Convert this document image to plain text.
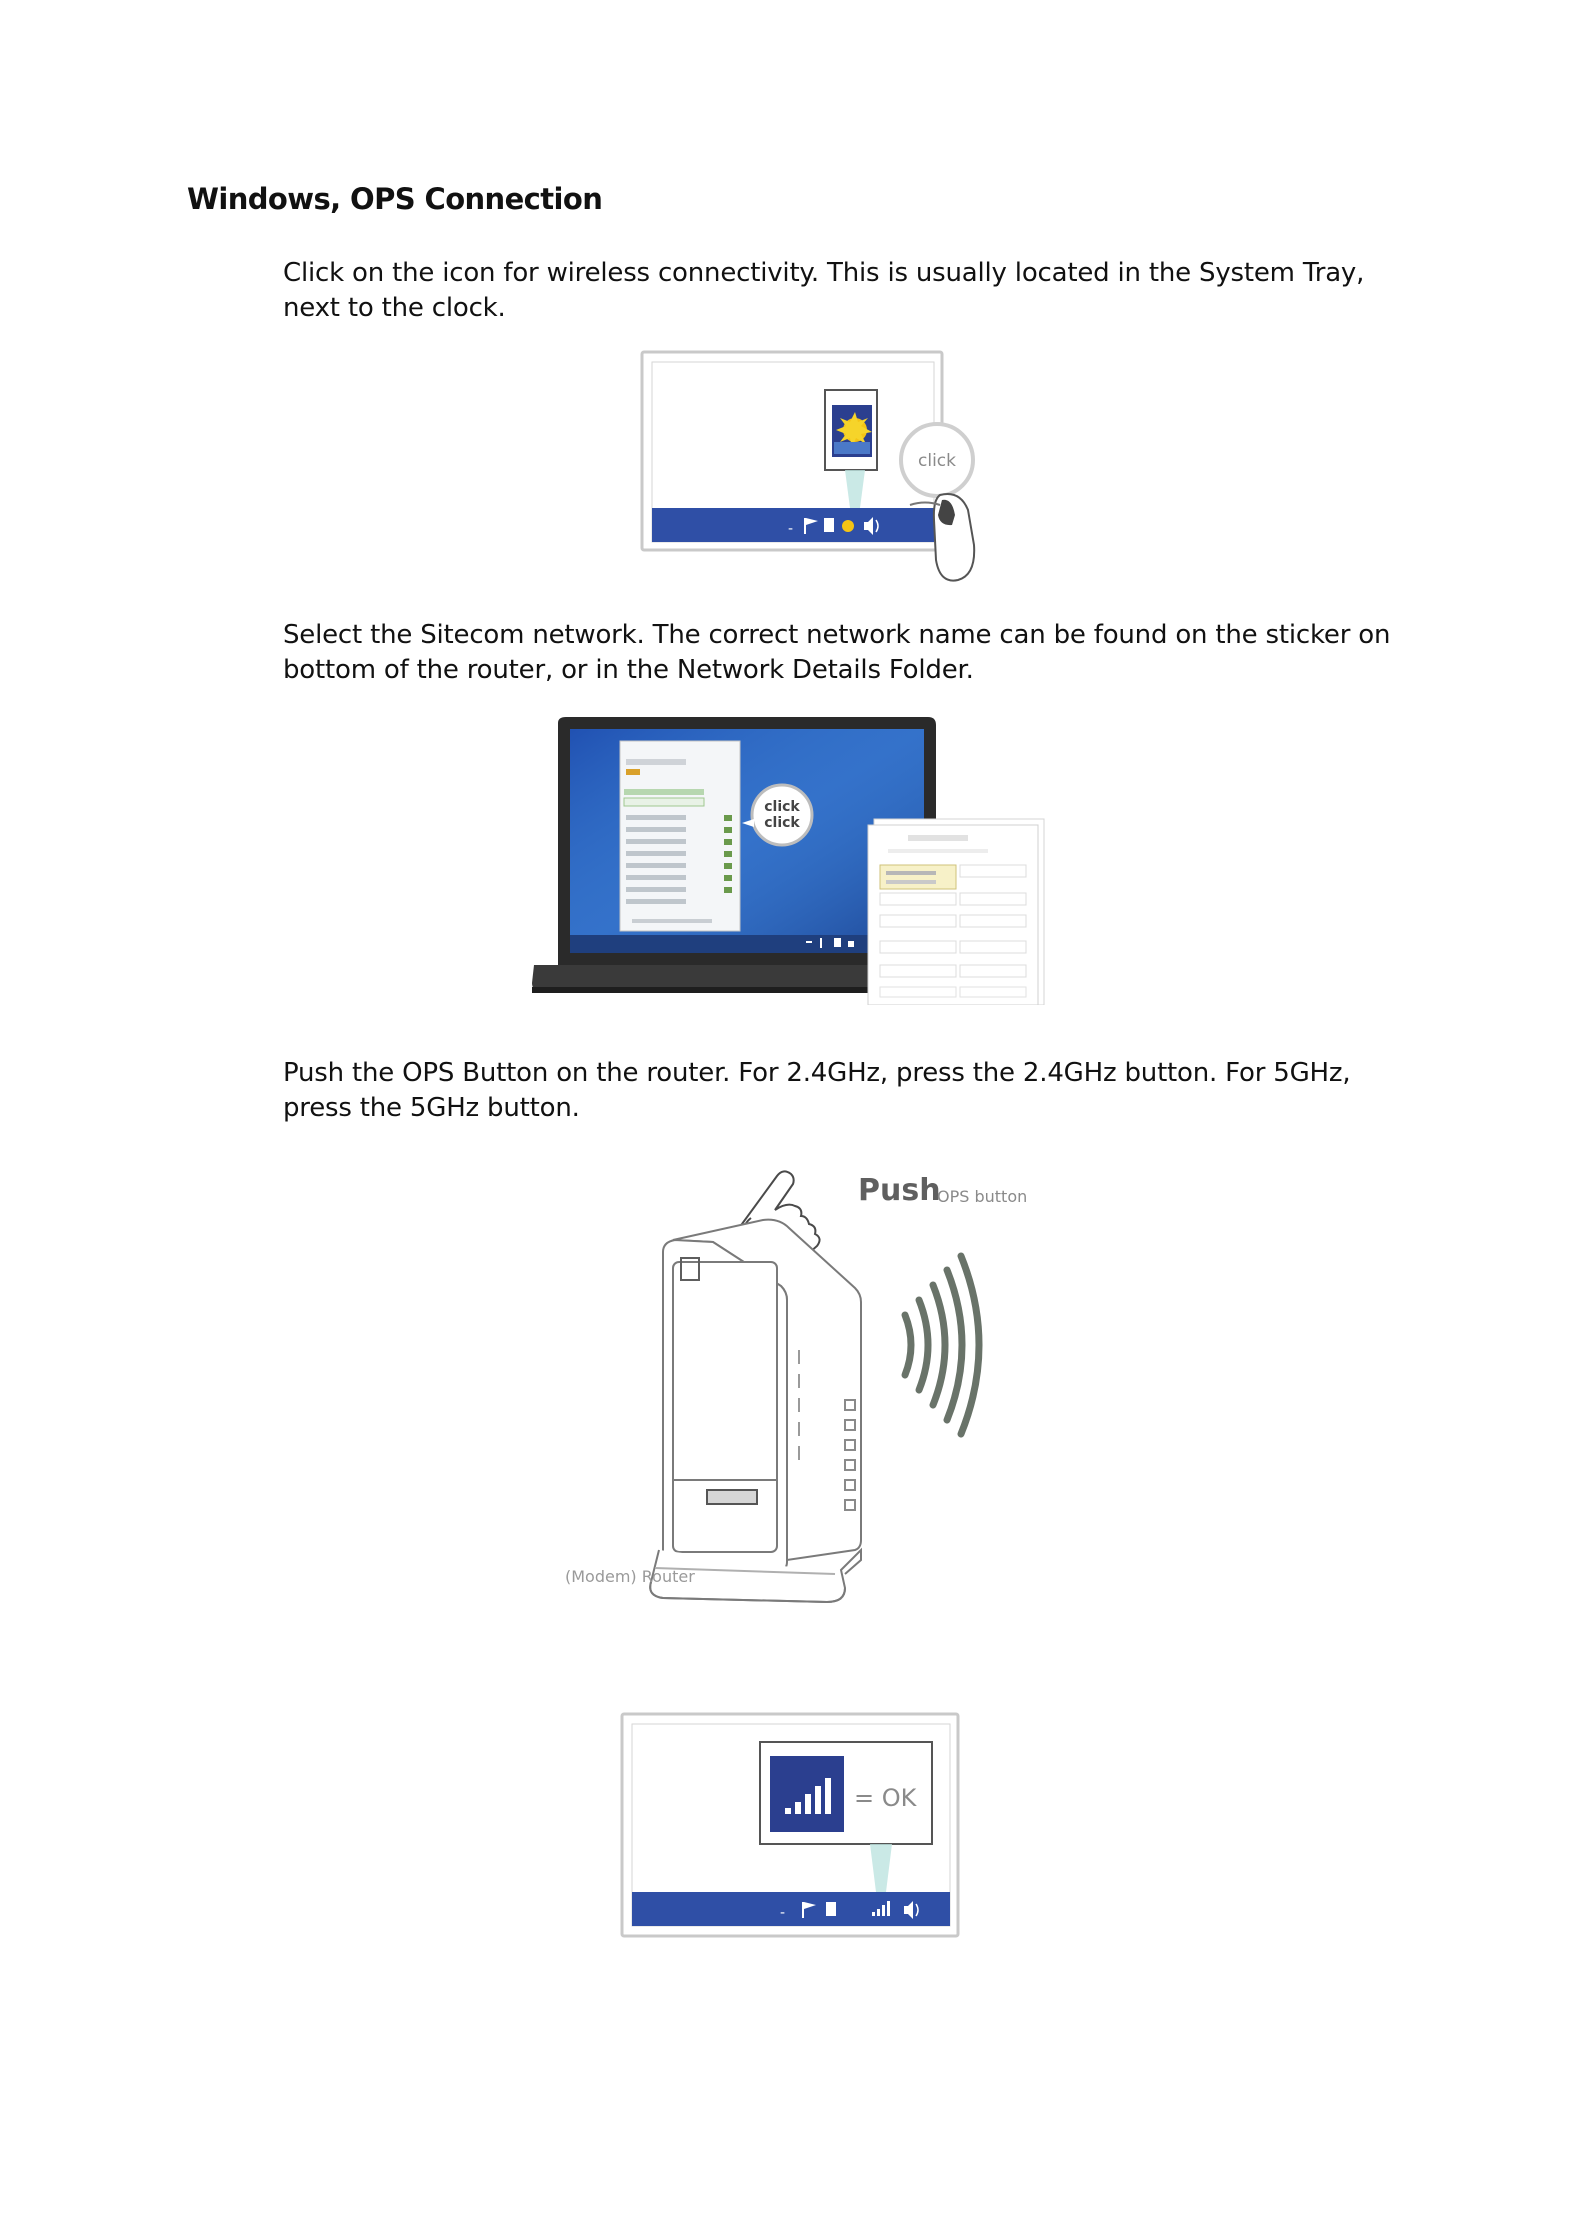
Windows, OPS Connection

Click on the icon for wireless connectivity. This is usually located in the System Tray, next to the clock.

‑
click

Select the Sitecom network. The correct network name can be found on the sticker on bottom of the router, or in the Network Details Folder.

click
click

Push the OPS Button on the router. For 2.4GHz, press the 2.4GHz button. For 5GHz, press the 5GHz button.

Push
OPS button
(Modem) Router
= OK
‑
